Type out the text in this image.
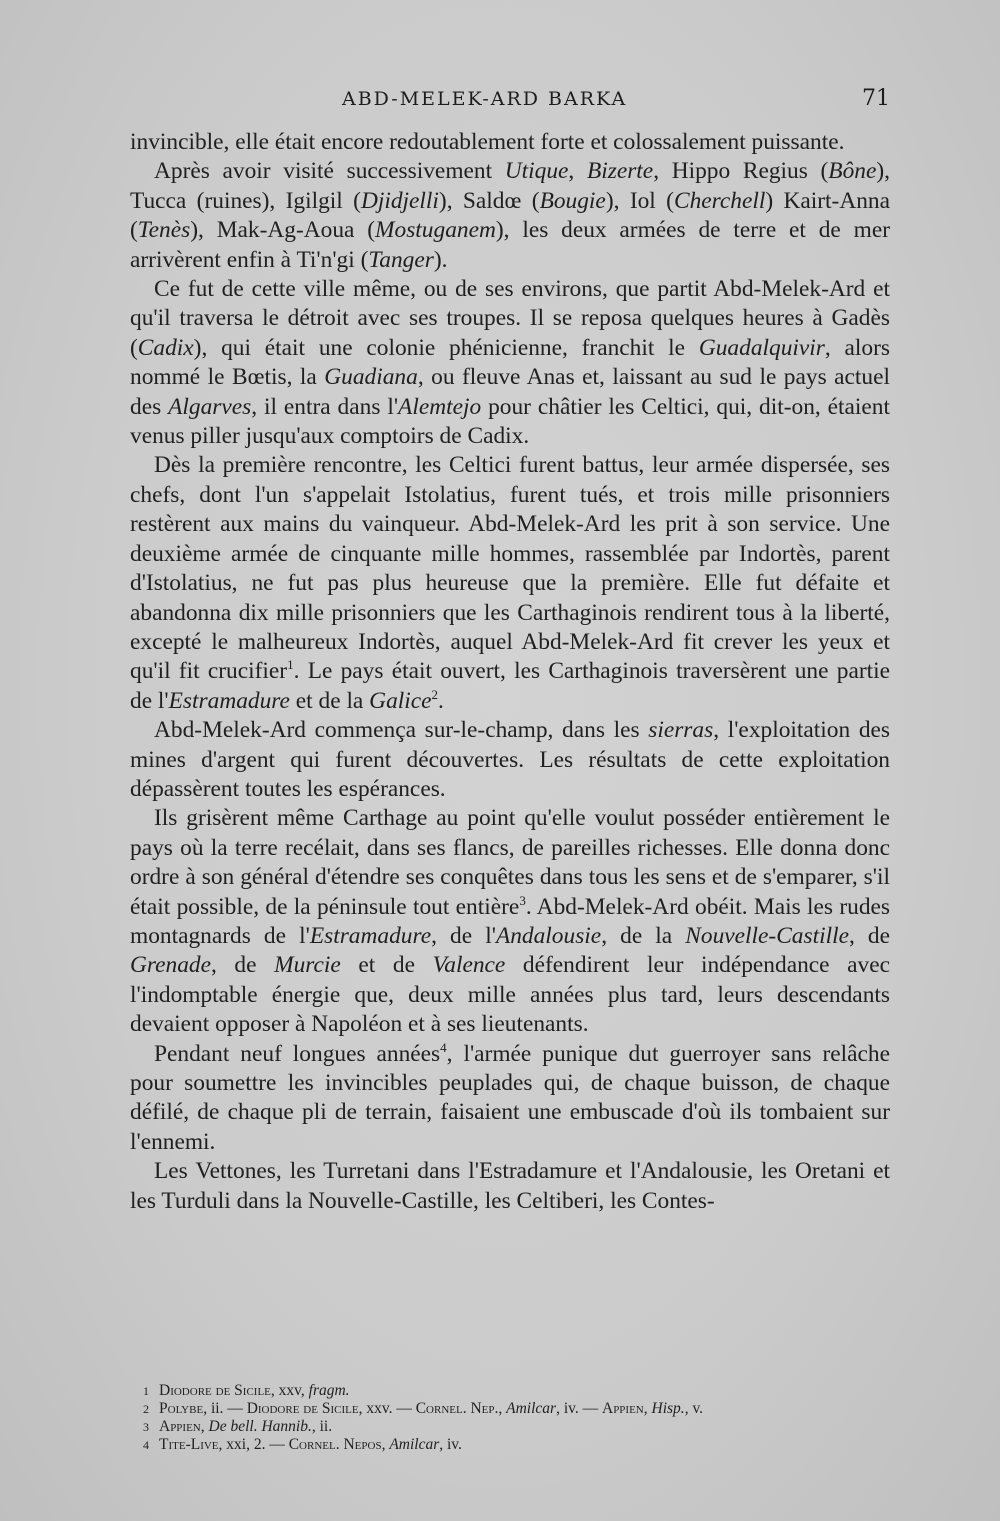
ABD-MELEK-ARD BARKA	71

invincible, elle était encore redoutablement forte et colossalement puissante.

Après avoir visité successivement Utique, Bizerte, Hippo Regius (Bône), Tucca (ruines), Igilgil (Djidjelli), Saldœ (Bougie), Iol (Cherchell) Kairt-Anna (Tenès), Mak-Ag-Aoua (Mostuganem), les deux armées de terre et de mer arrivèrent enfin à Ti'n'gi (Tanger).

Ce fut de cette ville même, ou de ses environs, que partit Abd-Melek-Ard et qu'il traversa le détroit avec ses troupes. Il se reposa quelques heures à Gadès (Cadix), qui était une colonie phénicienne, franchit le Guadalquivir, alors nommé le Bœtis, la Guadiana, ou fleuve Anas et, laissant au sud le pays actuel des Algarves, il entra dans l'Alemtejo pour châtier les Celtici, qui, dit-on, étaient venus piller jusqu'aux comptoirs de Cadix.

Dès la première rencontre, les Celtici furent battus, leur armée dispersée, ses chefs, dont l'un s'appelait Istolatius, furent tués, et trois mille prisonniers restèrent aux mains du vainqueur. Abd-Melek-Ard les prit à son service. Une deuxième armée de cinquante mille hommes, rassemblée par Indortès, parent d'Istolatius, ne fut pas plus heureuse que la première. Elle fut défaite et abandonna dix mille prisonniers que les Carthaginois rendirent tous à la liberté, excepté le malheureux Indortès, auquel Abd-Melek-Ard fit crever les yeux et qu'il fit crucifier$^1$. Le pays était ouvert, les Carthaginois traversèrent une partie de l'Estramadure et de la Galice$^2$.

Abd-Melek-Ard commença sur-le-champ, dans les sierras, l'exploitation des mines d'argent qui furent découvertes. Les résultats de cette exploitation dépassèrent toutes les espérances.

Ils grisèrent même Carthage au point qu'elle voulut posséder entièrement le pays où la terre recélait, dans ses flancs, de pareilles richesses. Elle donna donc ordre à son général d'étendre ses conquêtes dans tous les sens et de s'emparer, s'il était possible, de la péninsule tout entière$^3$. Abd-Melek-Ard obéit. Mais les rudes montagnards de l'Estramadure, de l'Andalousie, de la Nouvelle-Castille, de Grenade, de Murcie et de Valence défendirent leur indépendance avec l'indomptable énergie que, deux mille années plus tard, leurs descendants devaient opposer à Napoléon et à ses lieutenants.

Pendant neuf longues années$^4$, l'armée punique dut guerroyer sans relâche pour soumettre les invincibles peuplades qui, de chaque buisson, de chaque défilé, de chaque pli de terrain, faisaient une embuscade d'où ils tombaient sur l'ennemi.

Les Vettones, les Turretani dans l'Estradamure et l'Andalousie, les Oretani et les Turduli dans la Nouvelle-Castille, les Celtiberi, les Contes-

1 Diodore de Sicile, xxv, fragm.
2 Polybe, ii. — Diodore de Sicile, xxv. — Cornel. Nep., Amilcar, iv. — Appien, Hisp., v.
3 Appien, De bell. Hannib., ii.
4 Tite-Live, xxi, 2. — Cornel. Nepos, Amilcar, iv.
